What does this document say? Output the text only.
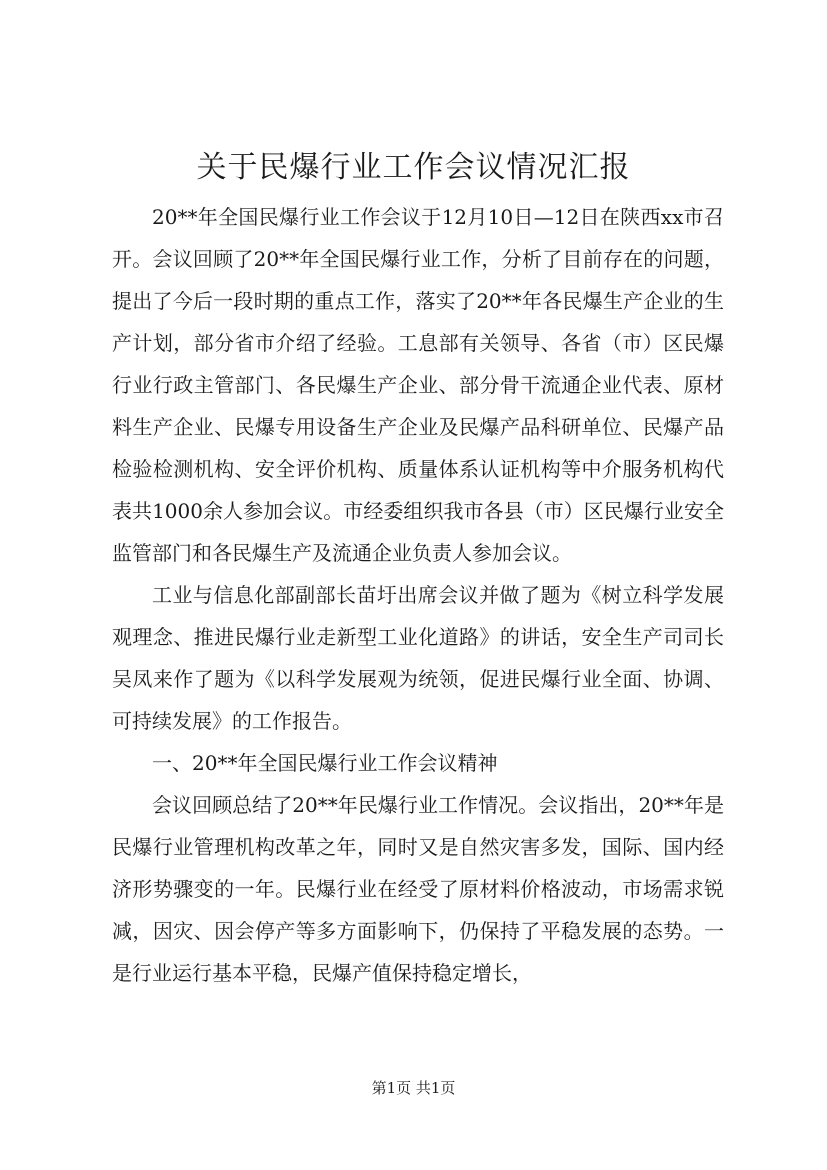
关于民爆行业工作会议情况汇报

20**年全国民爆行业工作会议于12月10日—12日在陕西xx市召开。会议回顾了20**年全国民爆行业工作，分析了目前存在的问题，提出了今后一段时期的重点工作，落实了20**年各民爆生产企业的生产计划，部分省市介绍了经验。工息部有关领导、各省（市）区民爆行业行政主管部门、各民爆生产企业、部分骨干流通企业代表、原材料生产企业、民爆专用设备生产企业及民爆产品科研单位、民爆产品检验检测机构、安全评价机构、质量体系认证机构等中介服务机构代表共1000余人参加会议。市经委组织我市各县（市）区民爆行业安全监管部门和各民爆生产及流通企业负责人参加会议。

工业与信息化部副部长苗圩出席会议并做了题为《树立科学发展观理念、推进民爆行业走新型工业化道路》的讲话，安全生产司司长吴凤来作了题为《以科学发展观为统领，促进民爆行业全面、协调、可持续发展》的工作报告。

一、20**年全国民爆行业工作会议精神

会议回顾总结了20**年民爆行业工作情况。会议指出，20**年是民爆行业管理机构改革之年，同时又是自然灾害多发，国际、国内经济形势骤变的一年。民爆行业在经受了原材料价格波动，市场需求锐减，因灾、因会停产等多方面影响下，仍保持了平稳发展的态势。一是行业运行基本平稳，民爆产值保持稳定增长，

第1页 共1页
